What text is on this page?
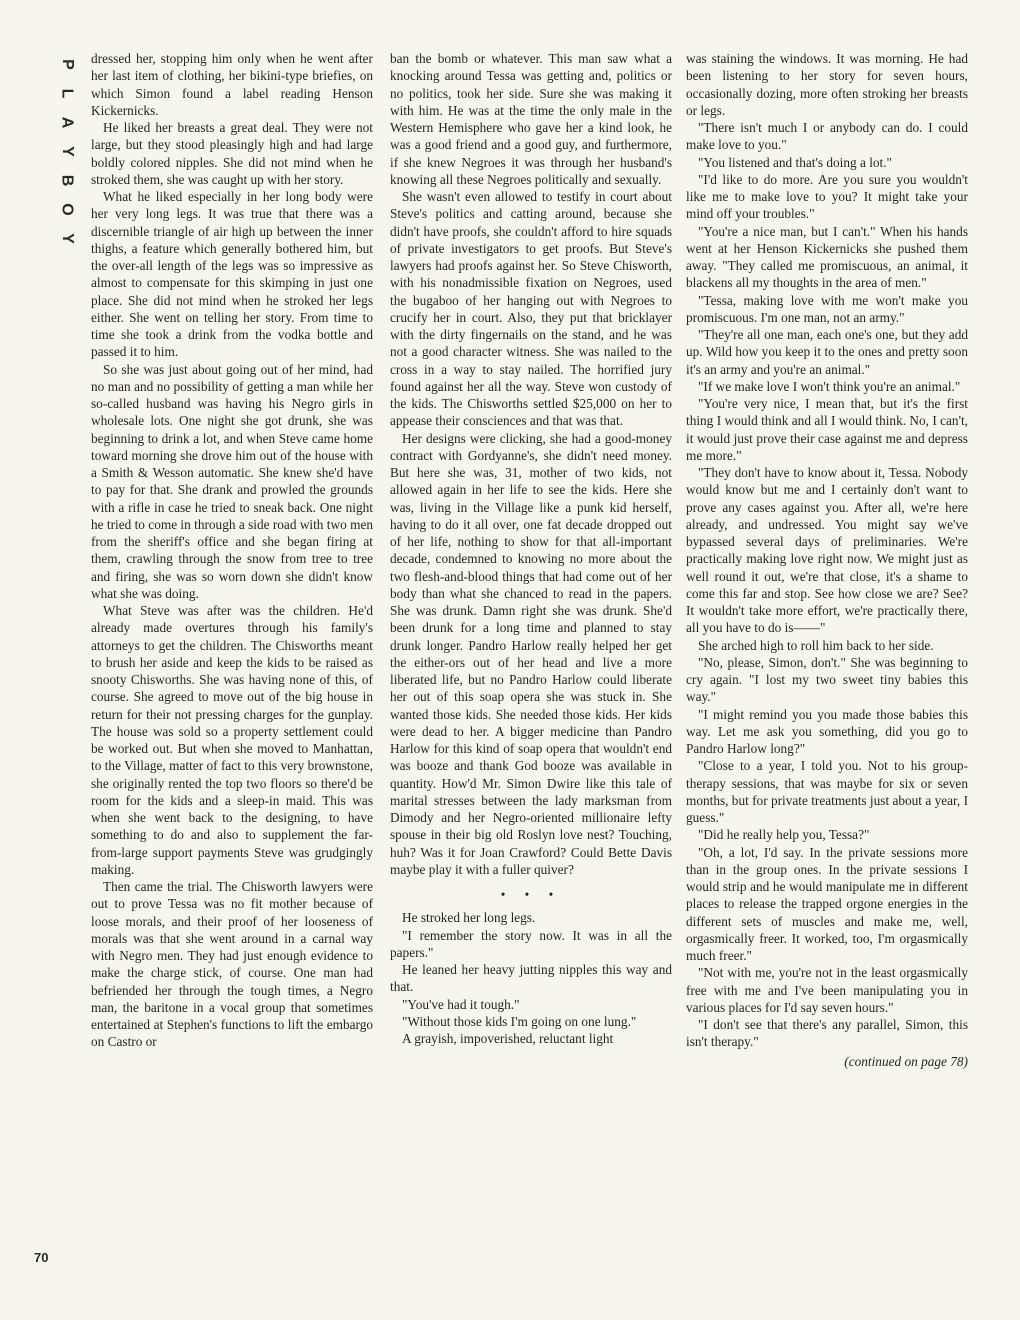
P
L
A
Y
B
O
Y

dressed her, stopping him only when he went after her last item of clothing, her bikini-type briefies, on which Simon found a label reading Henson Kickernicks.

He liked her breasts a great deal. They were not large, but they stood pleasingly high and had large boldly colored nipples. She did not mind when he stroked them, she was caught up with her story.

What he liked especially in her long body were her very long legs. It was true that there was a discernible triangle of air high up between the inner thighs, a feature which generally bothered him, but the over-all length of the legs was so impressive as almost to compensate for this skimping in just one place. She did not mind when he stroked her legs either. She went on telling her story. From time to time she took a drink from the vodka bottle and passed it to him.

So she was just about going out of her mind, had no man and no possibility of getting a man while her so-called husband was having his Negro girls in wholesale lots. One night she got drunk, she was beginning to drink a lot, and when Steve came home toward morning she drove him out of the house with a Smith & Wesson automatic. She knew she'd have to pay for that. She drank and prowled the grounds with a rifle in case he tried to sneak back. One night he tried to come in through a side road with two men from the sheriff's office and she began firing at them, crawling through the snow from tree to tree and firing, she was so worn down she didn't know what she was doing.

What Steve was after was the children. He'd already made overtures through his family's attorneys to get the children. The Chisworths meant to brush her aside and keep the kids to be raised as snooty Chisworths. She was having none of this, of course. She agreed to move out of the big house in return for their not pressing charges for the gunplay. The house was sold so a property settlement could be worked out. But when she moved to Manhattan, to the Village, matter of fact to this very brownstone, she originally rented the top two floors so there'd be room for the kids and a sleep-in maid. This was when she went back to the designing, to have something to do and also to supplement the far-from-large support payments Steve was grudgingly making.

Then came the trial. The Chisworth lawyers were out to prove Tessa was no fit mother because of loose morals, and their proof of her looseness of morals was that she went around in a carnal way with Negro men. They had just enough evidence to make the charge stick, of course. One man had befriended her through the tough times, a Negro man, the baritone in a vocal group that sometimes entertained at Stephen's functions to lift the embargo on Castro or

ban the bomb or whatever. This man saw what a knocking around Tessa was getting and, politics or no politics, took her side. Sure she was making it with him. He was at the time the only male in the Western Hemisphere who gave her a kind look, he was a good friend and a good guy, and furthermore, if she knew Negroes it was through her husband's knowing all these Negroes politically and sexually.

She wasn't even allowed to testify in court about Steve's politics and catting around, because she didn't have proofs, she couldn't afford to hire squads of private investigators to get proofs. But Steve's lawyers had proofs against her. So Steve Chisworth, with his nonadmissible fixation on Negroes, used the bugaboo of her hanging out with Negroes to crucify her in court. Also, they put that bricklayer with the dirty fingernails on the stand, and he was not a good character witness. She was nailed to the cross in a way to stay nailed. The horrified jury found against her all the way. Steve won custody of the kids. The Chisworths settled $25,000 on her to appease their consciences and that was that.

Her designs were clicking, she had a good-money contract with Gordyanne's, she didn't need money. But here she was, 31, mother of two kids, not allowed again in her life to see the kids. Here she was, living in the Village like a punk kid herself, having to do it all over, one fat decade dropped out of her life, nothing to show for that all-important decade, condemned to knowing no more about the two flesh-and-blood things that had come out of her body than what she chanced to read in the papers. She was drunk. Damn right she was drunk. She'd been drunk for a long time and planned to stay drunk longer. Pandro Harlow really helped her get the either-ors out of her head and live a more liberated life, but no Pandro Harlow could liberate her out of this soap opera she was stuck in. She wanted those kids. She needed those kids. Her kids were dead to her. A bigger medicine than Pandro Harlow for this kind of soap opera that wouldn't end was booze and thank God booze was available in quantity. How'd Mr. Simon Dwire like this tale of marital stresses between the lady marksman from Dimody and her Negro-oriented millionaire lefty spouse in their big old Roslyn love nest? Touching, huh? Was it for Joan Crawford? Could Bette Davis maybe play it with a fuller quiver?

• • •

He stroked her long legs.

"I remember the story now. It was in all the papers."

He leaned her heavy jutting nipples this way and that.

"You've had it tough."

"Without those kids I'm going on one lung."

A grayish, impoverished, reluctant light

was staining the windows. It was morning. He had been listening to her story for seven hours, occasionally dozing, more often stroking her breasts or legs.

"There isn't much I or anybody can do. I could make love to you."

"You listened and that's doing a lot."

"I'd like to do more. Are you sure you wouldn't like me to make love to you? It might take your mind off your troubles."

"You're a nice man, but I can't." When his hands went at her Henson Kickernicks she pushed them away. "They called me promiscuous, an animal, it blackens all my thoughts in the area of men."

"Tessa, making love with me won't make you promiscuous. I'm one man, not an army."

"They're all one man, each one's one, but they add up. Wild how you keep it to the ones and pretty soon it's an army and you're an animal."

"If we make love I won't think you're an animal."

"You're very nice, I mean that, but it's the first thing I would think and all I would think. No, I can't, it would just prove their case against me and depress me more."

"They don't have to know about it, Tessa. Nobody would know but me and I certainly don't want to prove any cases against you. After all, we're here already, and undressed. You might say we've bypassed several days of preliminaries. We're practically making love right now. We might just as well round it out, we're that close, it's a shame to come this far and stop. See how close we are? See? It wouldn't take more effort, we're practically there, all you have to do is——"

She arched high to roll him back to her side.

"No, please, Simon, don't." She was beginning to cry again. "I lost my two sweet tiny babies this way."

"I might remind you you made those babies this way. Let me ask you something, did you go to Pandro Harlow long?"

"Close to a year, I told you. Not to his group-therapy sessions, that was maybe for six or seven months, but for private treatments just about a year, I guess."

"Did he really help you, Tessa?"

"Oh, a lot, I'd say. In the private sessions more than in the group ones. In the private sessions I would strip and he would manipulate me in different places to release the trapped orgone energies in the different sets of muscles and make me, well, orgasmically freer. It worked, too, I'm orgasmically much freer."

"Not with me, you're not in the least orgasmically free with me and I've been manipulating you in various places for I'd say seven hours."

"I don't see that there's any parallel, Simon, this isn't therapy."

(continued on page 78)

70
